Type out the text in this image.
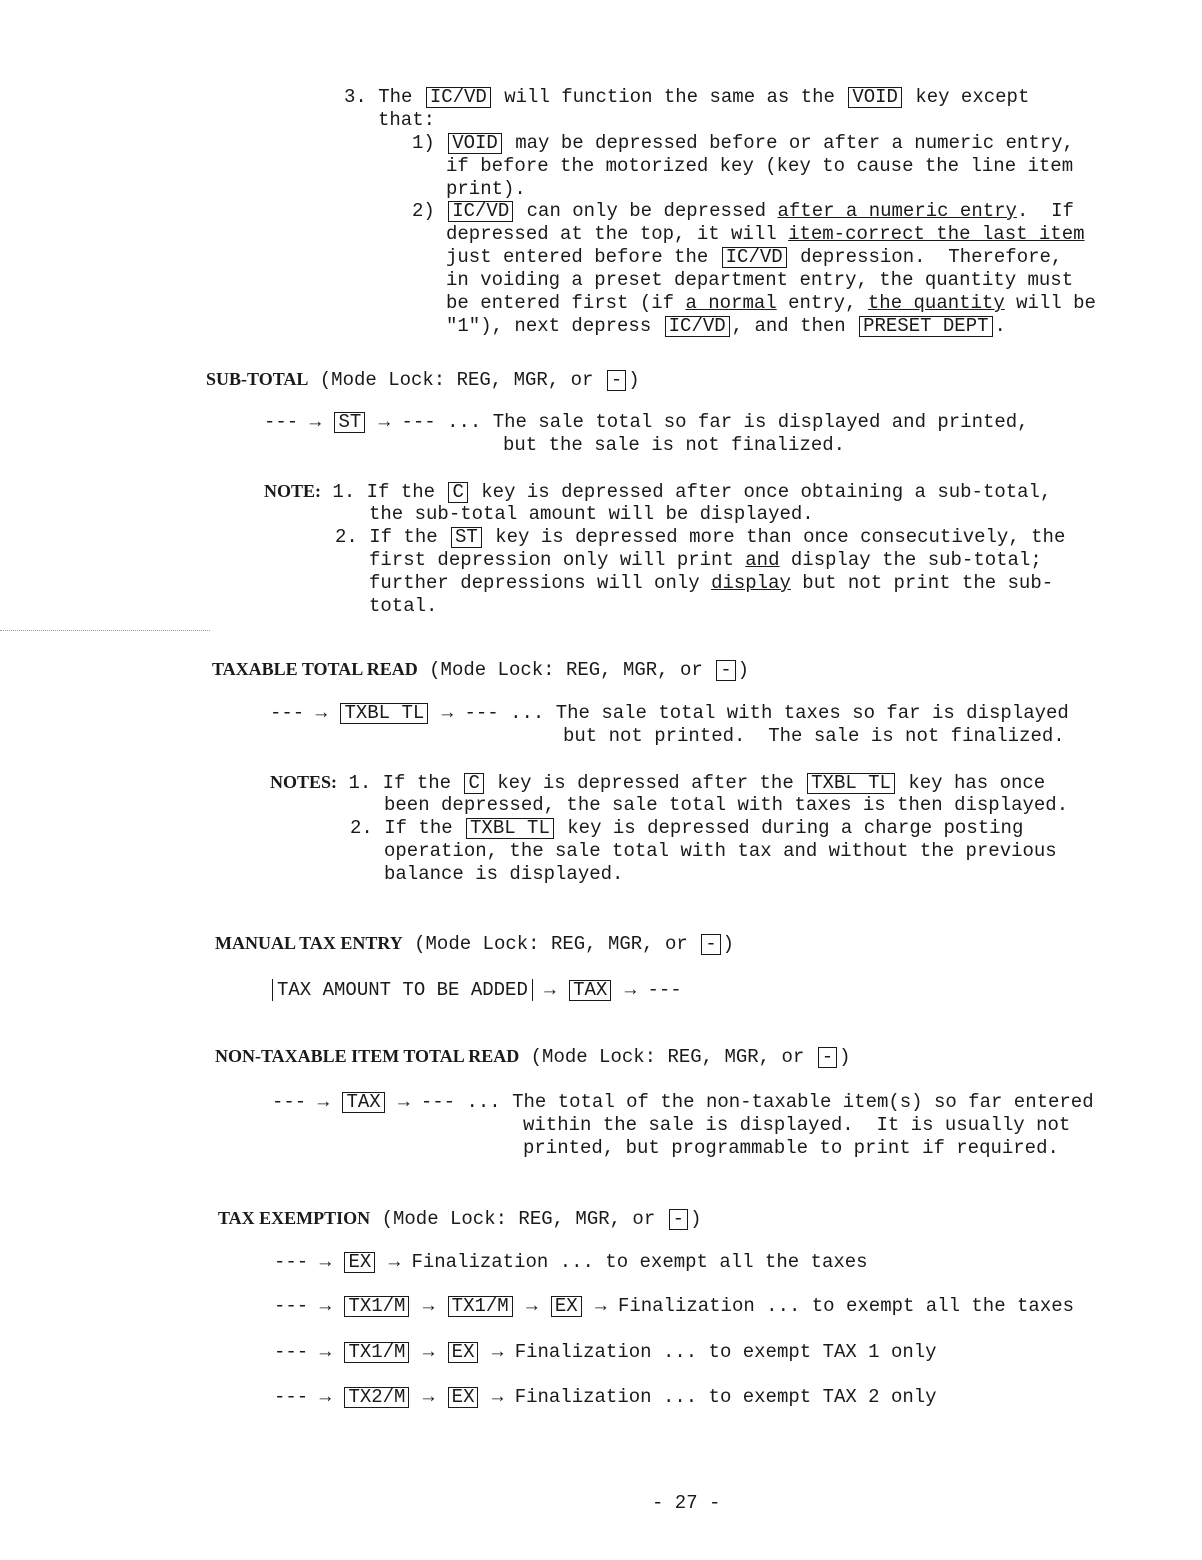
3. The IC/VD will function the same as the VOID key except
that:
1) VOID may be depressed before or after a numeric entry,
if before the motorized key (key to cause the line item
print).
2) IC/VD can only be depressed after a numeric entry.  If
depressed at the top, it will item-correct the last item
just entered before the IC/VD depression.  Therefore,
in voiding a preset department entry, the quantity must
be entered first (if a normal entry, the quantity will be
"1"), next depress IC/VD , and then PRESET DEPT .
SUB-TOTAL (Mode Lock: REG, MGR, or - )
--- → ST → --- ... The sale total so far is displayed and printed,
but the sale is not finalized.
NOTE: 1. If the C key is depressed after once obtaining a sub-total,
the sub-total amount will be displayed.
2. If the ST key is depressed more than once consecutively, the
first depression only will print and display the sub-total;
further depressions will only display but not print the sub-
total.
TAXABLE TOTAL READ (Mode Lock: REG, MGR, or - )
--- → TXBL TL → --- ... The sale total with taxes so far is displayed
but not printed.  The sale is not finalized.
NOTES: 1. If the C key is depressed after the TXBL TL key has once
been depressed, the sale total with taxes is then displayed.
2. If the TXBL TL key is depressed during a charge posting
operation, the sale total with tax and without the previous
balance is displayed.
MANUAL TAX ENTRY (Mode Lock: REG, MGR, or - )
TAX AMOUNT TO BE ADDED → TAX → ---
NON-TAXABLE ITEM TOTAL READ (Mode Lock: REG, MGR, or - )
--- → TAX → --- ... The total of the non-taxable item(s) so far entered
within the sale is displayed.  It is usually not
printed, but programmable to print if required.
TAX EXEMPTION (Mode Lock: REG, MGR, or - )
--- → EX → Finalization ... to exempt all the taxes
--- → TX1/M → TX1/M → EX → Finalization ... to exempt all the taxes
--- → TX1/M → EX → Finalization ... to exempt TAX 1 only
--- → TX2/M → EX → Finalization ... to exempt TAX 2 only
- 27 -
